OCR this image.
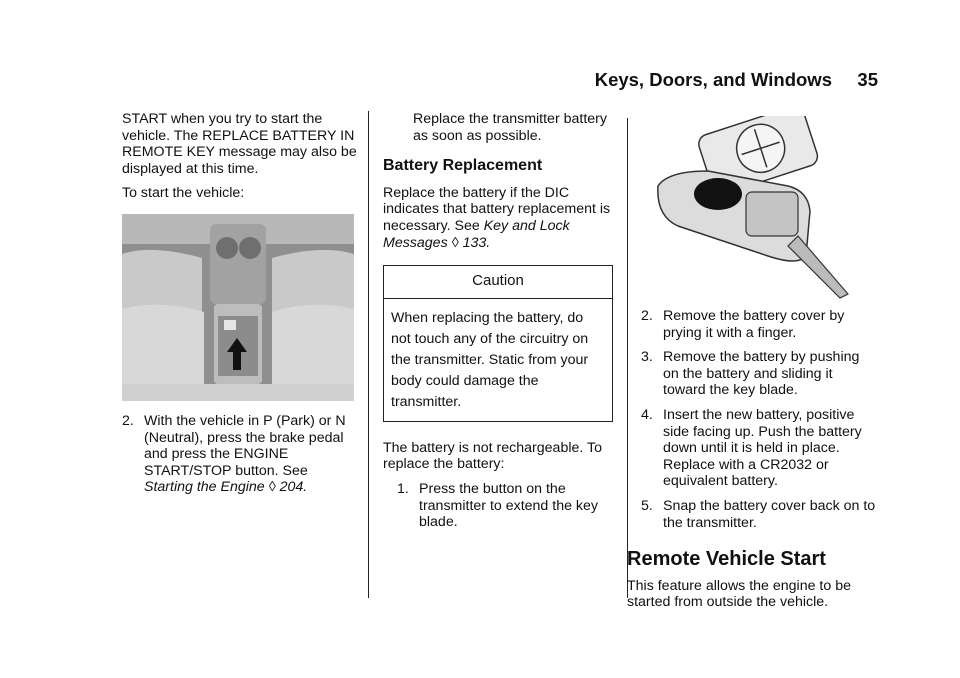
Keys, Doors, and Windows	35

START when you try to start the vehicle. The REPLACE BATTERY IN REMOTE KEY message may also be displayed at this time.

To start the vehicle:

2. With the vehicle in P (Park) or N (Neutral), press the brake pedal and press the ENGINE START/STOP button. See Starting the Engine ◊ 204.
Replace the transmitter battery as soon as possible.
Battery Replacement

Replace the battery if the DIC indicates that battery replacement is necessary. See Key and Lock Messages ◊ 133.

Caution
When replacing the battery, do not touch any of the circuitry on the transmitter. Static from your body could damage the transmitter.

The battery is not rechargeable. To replace the battery:

1. Press the button on the transmitter to extend the key blade.
2. Remove the battery cover by prying it with a finger.
3. Remove the battery by pushing on the battery and sliding it toward the key blade.
4. Insert the new battery, positive side facing up. Push the battery down until it is held in place. Replace with a CR2032 or equivalent battery.
5. Snap the battery cover back on to the transmitter.
Remote Vehicle Start

This feature allows the engine to be started from outside the vehicle.
